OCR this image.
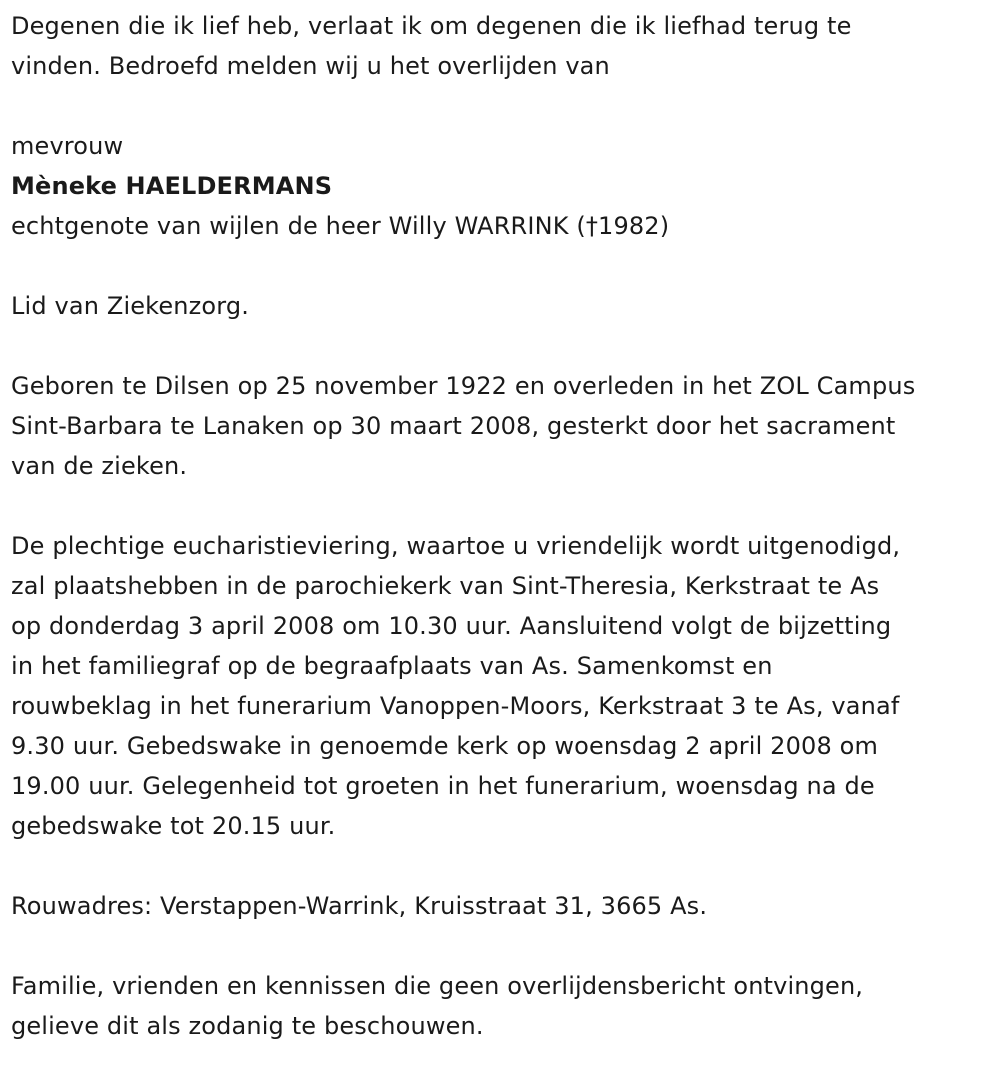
Degenen die ik lief heb, verlaat ik om degenen die ik liefhad terug te
vinden. Bedroefd melden wij u het overlijden van

mevrouw

Mèneke HAELDERMANS

echtgenote van wijlen de heer Willy WARRINK (†1982)

Lid van Ziekenzorg.

Geboren te Dilsen op 25 november 1922 en overleden in het ZOL Campus
Sint-Barbara te Lanaken op 30 maart 2008, gesterkt door het sacrament
van de zieken.

De plechtige eucharistieviering, waartoe u vriendelijk wordt uitgenodigd,
zal plaatshebben in de parochiekerk van Sint-Theresia, Kerkstraat te As
op donderdag 3 april 2008 om 10.30 uur. Aansluitend volgt de bijzetting
in het familiegraf op de begraafplaats van As. Samenkomst en
rouwbeklag in het funerarium Vanoppen-Moors, Kerkstraat 3 te As, vanaf
9.30 uur. Gebedswake in genoemde kerk op woensdag 2 april 2008 om
19.00 uur. Gelegenheid tot groeten in het funerarium, woensdag na de
gebedswake tot 20.15 uur.

Rouwadres: Verstappen-Warrink, Kruisstraat 31, 3665 As.

Familie, vrienden en kennissen die geen overlijdensbericht ontvingen,
gelieve dit als zodanig te beschouwen.
